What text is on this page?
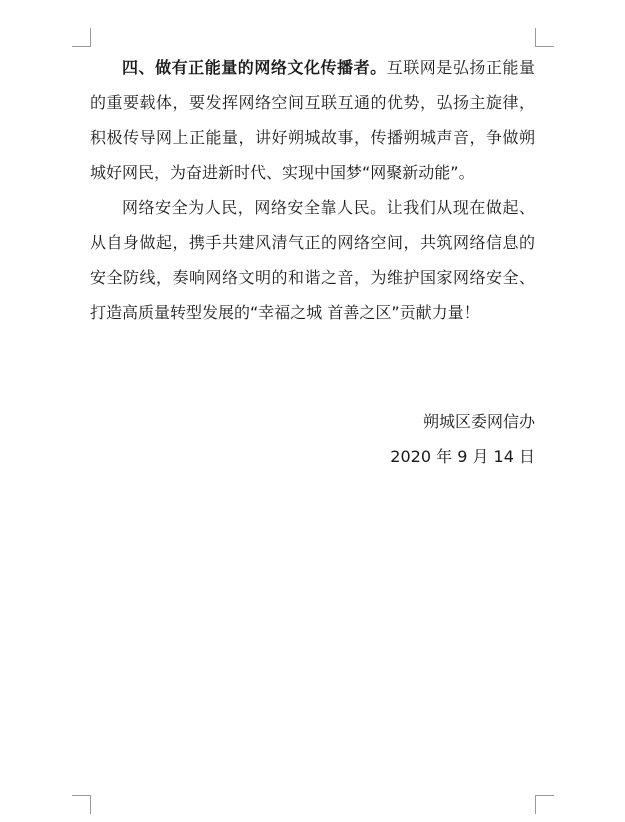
四、做有正能量的网络文化传播者。互联网是弘扬正能量的重要载体，要发挥网络空间互联互通的优势，弘扬主旋律，积极传导网上正能量，讲好朔城故事，传播朔城声音，争做朔城好网民，为奋进新时代、实现中国梦“网聚新动能”。

网络安全为人民，网络安全靠人民。让我们从现在做起、从自身做起，携手共建风清气正的网络空间，共筑网络信息的安全防线，奏响网络文明的和谐之音，为维护国家网络安全、打造高质量转型发展的“幸福之城 首善之区”贡献力量！

朔城区委网信办
2020 年 9 月 14 日
